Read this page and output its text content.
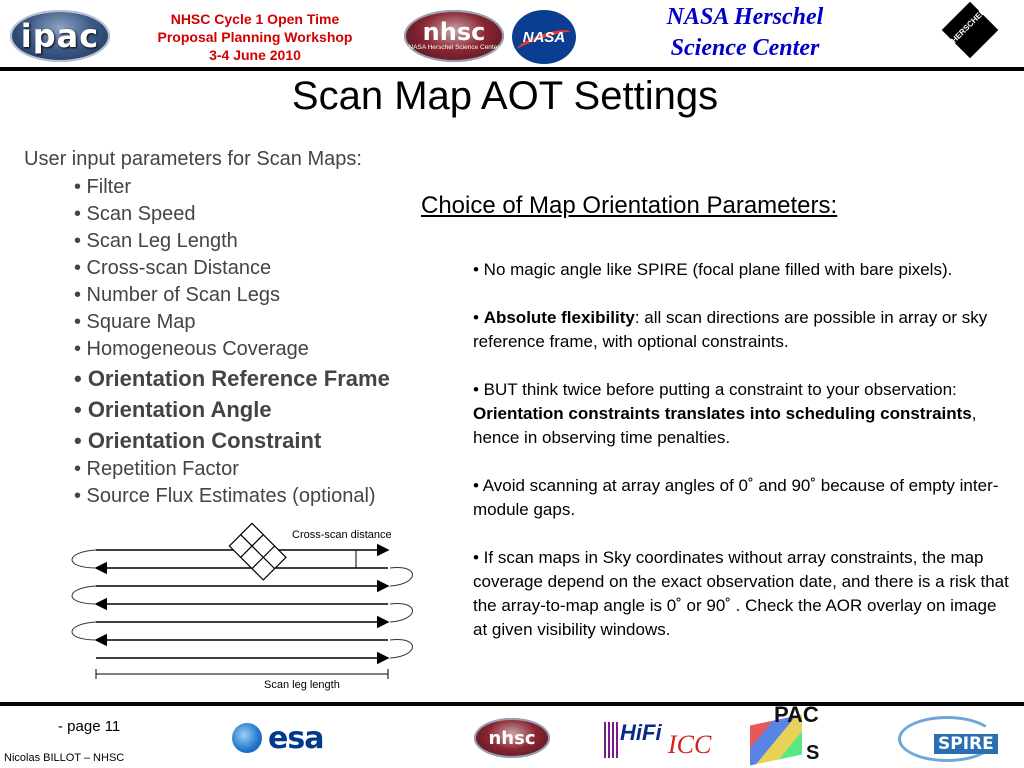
ipac	NHSC Cycle 1 Open Time
Proposal Planning Workshop
3-4 June 2010
nhsc
NASA Herschel Science Center
NASA
NASA Herschel
Science Center
HERSCHEL
Scan Map AOT Settings
User input parameters for Scan Maps:
• Filter
• Scan Speed
• Scan Leg Length
• Cross-scan Distance
• Number of Scan Legs
• Square Map
• Homogeneous Coverage
• Orientation Reference Frame
• Orientation Angle
• Orientation Constraint
• Repetition Factor
• Source Flux Estimates (optional)
Choice of Map Orientation Parameters:

• No magic angle like SPIRE (focal plane filled with bare pixels).

• Absolute flexibility: all scan directions are possible in array or sky reference frame, with optional constraints.

• BUT think twice before putting a constraint to your observation: Orientation constraints translates into scheduling constraints, hence in observing time penalties.

• Avoid scanning at array angles of 0˚ and 90˚ because of empty inter-module gaps.

• If scan maps in Sky coordinates without array constraints, the map coverage depend on the exact observation date, and there is a risk that the array-to-map angle is 0˚ or 90˚ . Check the AOR overlay on image at given visibility windows.

Cross-scan distance
Scan leg length
- page 11
Nicolas BILLOT – NHSC
esa	nhsc	HiFi ICC
PAC
S	SPIRE
